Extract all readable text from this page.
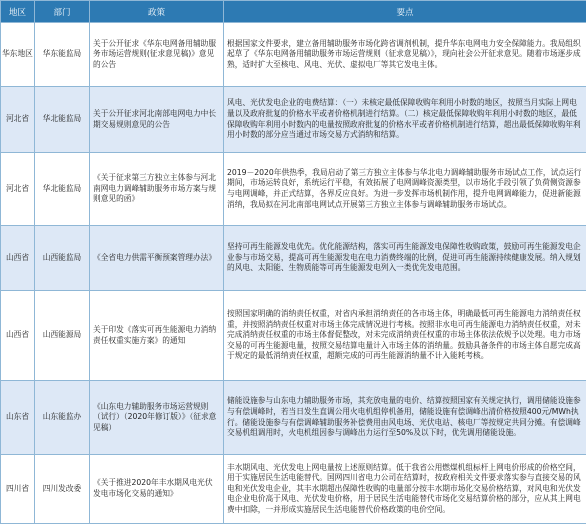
地区	部门	政策	要点
华东地区	华东能监局	关于公开征求《华东电网备用辅助服务市场运营规则(征求意见稿)》意见的公告	根据国家文件要求，建立备用辅助服务市场化跨省调剂机制，提升华东电网电力安全保障能力。我局组织起草了《华东电网备用辅助服务市场运营规则（征求意见稿）》，现向社会公开征求意见。随着市场逐步成熟，适时扩大至核电、风电、光伏、虚拟电厂等其它发电主体。
河北省	华北能监局	关于公开征求河北南部电网电力中长期交易规则意见的公告	风电、光伏发电企业的电费结算：（一）未核定最低保障收购年利用小时数的地区，按照当月实际上网电量以及政府批复的价格水平或者价格机制进行结算。（二）核定最低保障收购年利用小时数的地区，最低保障收购年利用小时数内的电量按照政府批复的价格水平或者价格机制进行结算，超出最低保障收购年利用小时数的部分应当通过市场交易方式消纳和结算。
河北省	华北能监局	《关于征求第三方独立主体参与河北南网电力调峰辅助服务市场方案与规则意见的函》	2019－2020年供热季，我局启动了第三方独立主体参与华北电力调峰辅助服务市场试点工作，试点运行期间，市场运转良好，系统运行平稳，有效拓展了电网调峰资源类型，以市场化手段引领了负荷侧资源参与电网调峰，并正式结算，各界反应良好。为进一步发挥市场机制作用，提升电网调峰能力，促进新能源消纳，我局拟在河北南部电网试点开展第三方独立主体参与调峰辅助服务市场试点。
山西省	山西能监局	《全省电力供需平衡预案管理办法》	坚持可再生能源发电优先。优化能源结构，落实可再生能源发电保障性收购政策，鼓励可再生能源发电企业参与市场交易，提高可再生能源发电在电力消费终端的比例，促进可再生能源持续健康发展。纳入规划的风电、太阳能、生物质能等可再生能源发电列入一类优先发电范围。
山西省	山西能源局	关于印发《落实可再生能源电力消纳责任权重实施方案》的通知	按照国家明确的消纳责任权重，对省内承担消纳责任的各市场主体，明确最低可再生能源电力消纳责任权重，并按照消纳责任权重对市场主体完成情况进行考核。按照非水电可再生能源电力消纳责任权重，对未完成消纳责任权重的市场主体督促整改，对未完成消纳责任权重的市场主体依法依规予以处理。电力市场交易的可再生能源电量，按照交易结算电量计入市场主体的消纳量。鼓励具备条件的市场主体自愿完成高于规定的最低消纳责任权重，超额完成的可再生能源消纳量不计入能耗考核。
山东省	山东能监办	《山东电力辅助服务市场运营规则（试行）（2020年修订版）》（征求意见稿）	储能设施参与山东电力辅助服务市场，其充放电量的电价、结算按照国家有关规定执行，调用储能设施参与有偿调峰时，若当日发生直调公用火电机组停机备用，储能设施有偿调峰出清价格按照400元/MWh执行。储能设施参与有偿调峰辅助服务补偿费用由风电场、光伏电站、核电厂等按规定共同分摊。有偿调峰交易机组调用时，火电机组因参与调峰出力运行至50%及以下时，优先调用储能设施。
四川省	四川发改委	《关于推进2020年丰水期风电光伏发电市场化交易的通知》	丰水期风电、光伏发电上网电量按上述原则结算。低于我省公用燃煤机组标杆上网电价形成的价格空间，用于实施居民生活电能替代。国网四川省电力公司在结算时，按政府相关文件要求落实参与直接交易的风电和光伏发电企业，其丰水期超出保障性收购的电量部分按丰水期市场化交易价格结算，对风电和光伏发电企业电价高于风电、光伏发电价格，用于居民生活电能替代市场化交易结算价格的部分，应从其上网电费中扣除，一并形成实施居民生活电能替代价格政策的电价空间。
